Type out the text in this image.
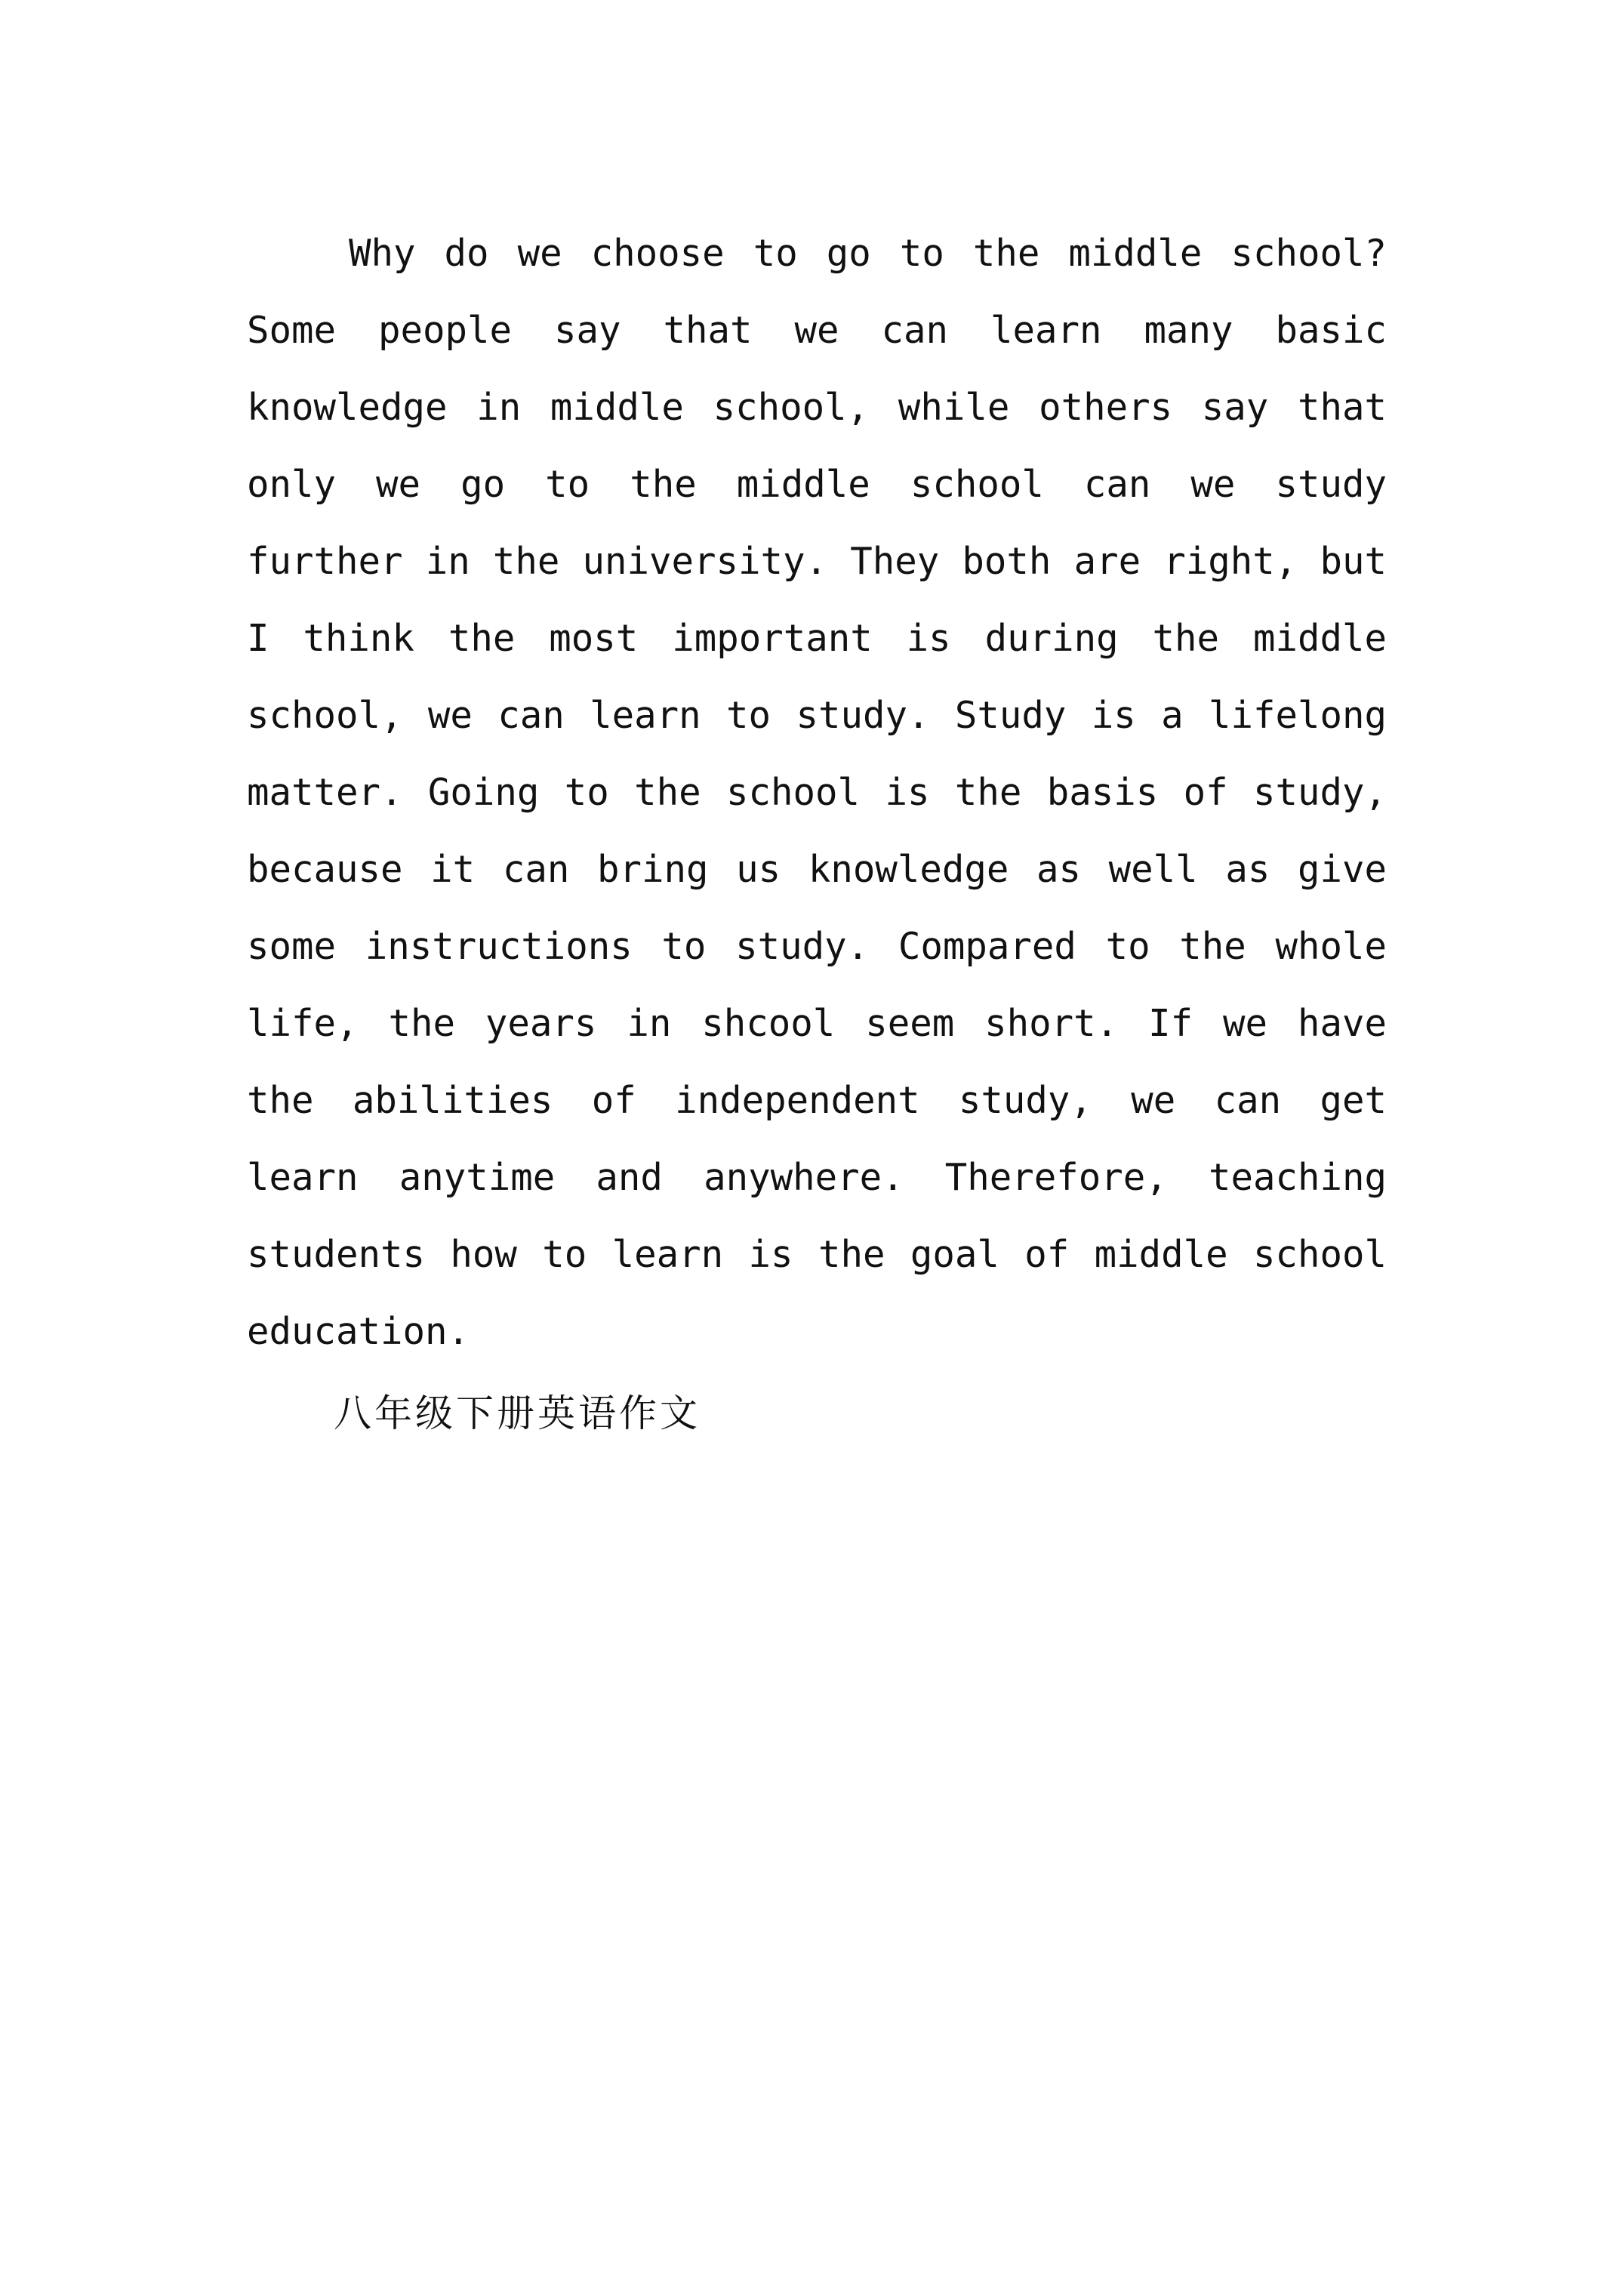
Why do we choose to go to the middle school?
Some people say that we can learn many basic
knowledge in middle school, while others say that
only we go to the middle school can we study
further in the university. They both are right, but
I think the most important is during the middle
school, we can learn to study. Study is a lifelong
matter. Going to the school is the basis of study,
because it can bring us knowledge as well as give
some instructions to study. Compared to the whole
life, the years in shcool seem short. If we have
the abilities of independent study, we can get
learn anytime and anywhere. Therefore, teaching
students how to learn is the goal of middle school
education.
八年级下册英语作文
